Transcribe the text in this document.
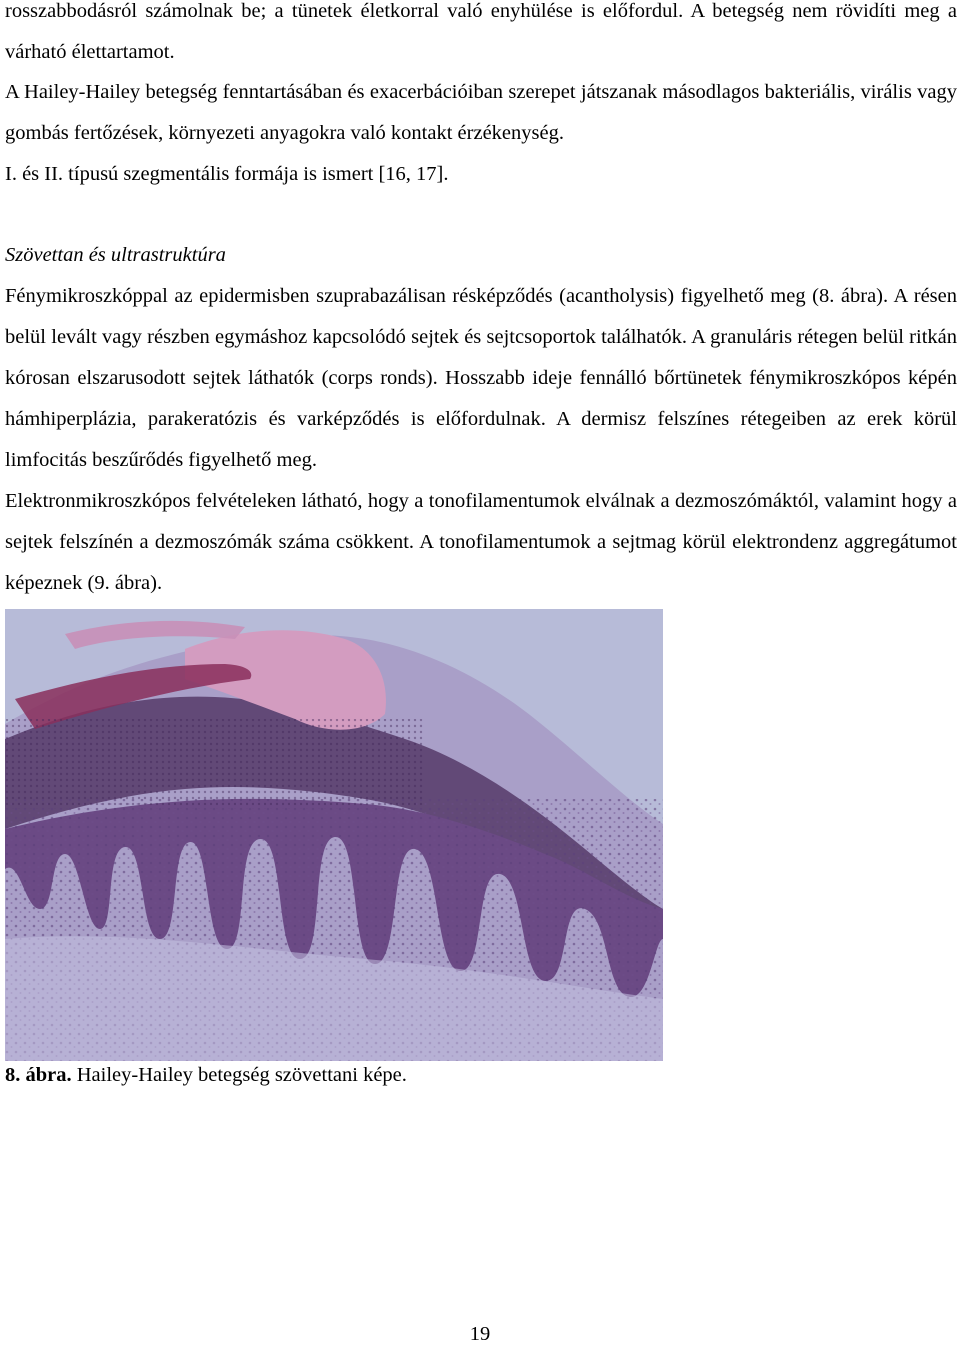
rosszabbodásról számolnak be; a tünetek életkorral való enyhülése is előfordul. A betegség nem rövidíti meg a várható élettartamot.

A Hailey-Hailey betegség fenntartásában és exacerbációiban szerepet játszanak másodlagos bakteriális, virális vagy gombás fertőzések, környezeti anyagokra való kontakt érzékenység.

I. és II. típusú szegmentális formája is ismert [16, 17].

Szövettan és ultrastruktúra

Fénymikroszkóppal az epidermisben szuprabazálisan résképződés (acantholysis) figyelhető meg (8. ábra). A résen belül levált vagy részben egymáshoz kapcsolódó sejtek és sejtcsoportok találhatók. A granuláris rétegen belül ritkán kórosan elszarusodott sejtek láthatók (corps ronds). Hosszabb ideje fennálló bőrtünetek fénymikroszkópos képén hámhiperplázia, parakeratózis és varképződés is előfordulnak. A dermisz felszínes rétegeiben az erek körül limfocitás beszűrődés figyelhető meg.

Elektronmikroszkópos felvételeken látható, hogy a tonofilamentumok elválnak a dezmoszómáktól, valamint hogy a sejtek felszínén a dezmoszómák száma csökkent. A tonofilamentumok a sejtmag körül elektrondenz aggregátumot képeznek (9. ábra).

8. ábra. Hailey-Hailey betegség szövettani képe.

19
